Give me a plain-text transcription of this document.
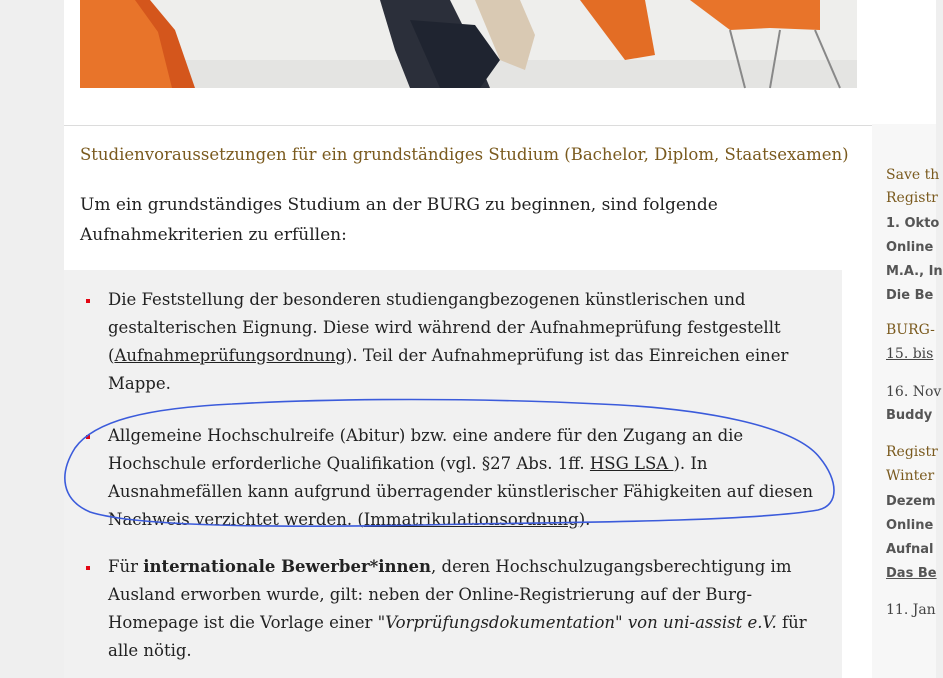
Studienvoraussetzungen für ein grundständiges Studium (Bachelor, Diplom, Staatsexamen)
Um ein grundständiges Studium an der BURG zu beginnen, sind folgende Aufnahmekriterien zu erfüllen:
Die Feststellung der besonderen studiengangbezogenen künstlerischen und gestalterischen Eignung. Diese wird während der Aufnahmeprüfung festgestellt (Aufnahmeprüfungsordnung). Teil der Aufnahmeprüfung ist das Einreichen einer Mappe.
Allgemeine Hochschulreife (Abitur) bzw. eine andere für den Zugang an die Hochschule erforderliche Qualifikation (vgl. §27 Abs. 1ff. HSG LSA ). In Ausnahmefällen kann aufgrund überragender künstlerischer Fähigkeiten auf diesen Nachweis verzichtet werden. (Immatrikulationsordnung).
Für internationale Bewerber*innen, deren Hochschulzugangsberechtigung im Ausland erworben wurde, gilt: neben der Online-Registrierung auf der Burg-Homepage ist die Vorlage einer "Vorprüfungsdokumentation" von uni-assist e.V. für alle nötig.
Save th
Registr
1. Okto
Online
M.A., In
Die Be
BURG-
15. bis
16. Nov
Buddy
Registr
Winter
Dezem
Online
Aufnal
Das Be
11. Jan
